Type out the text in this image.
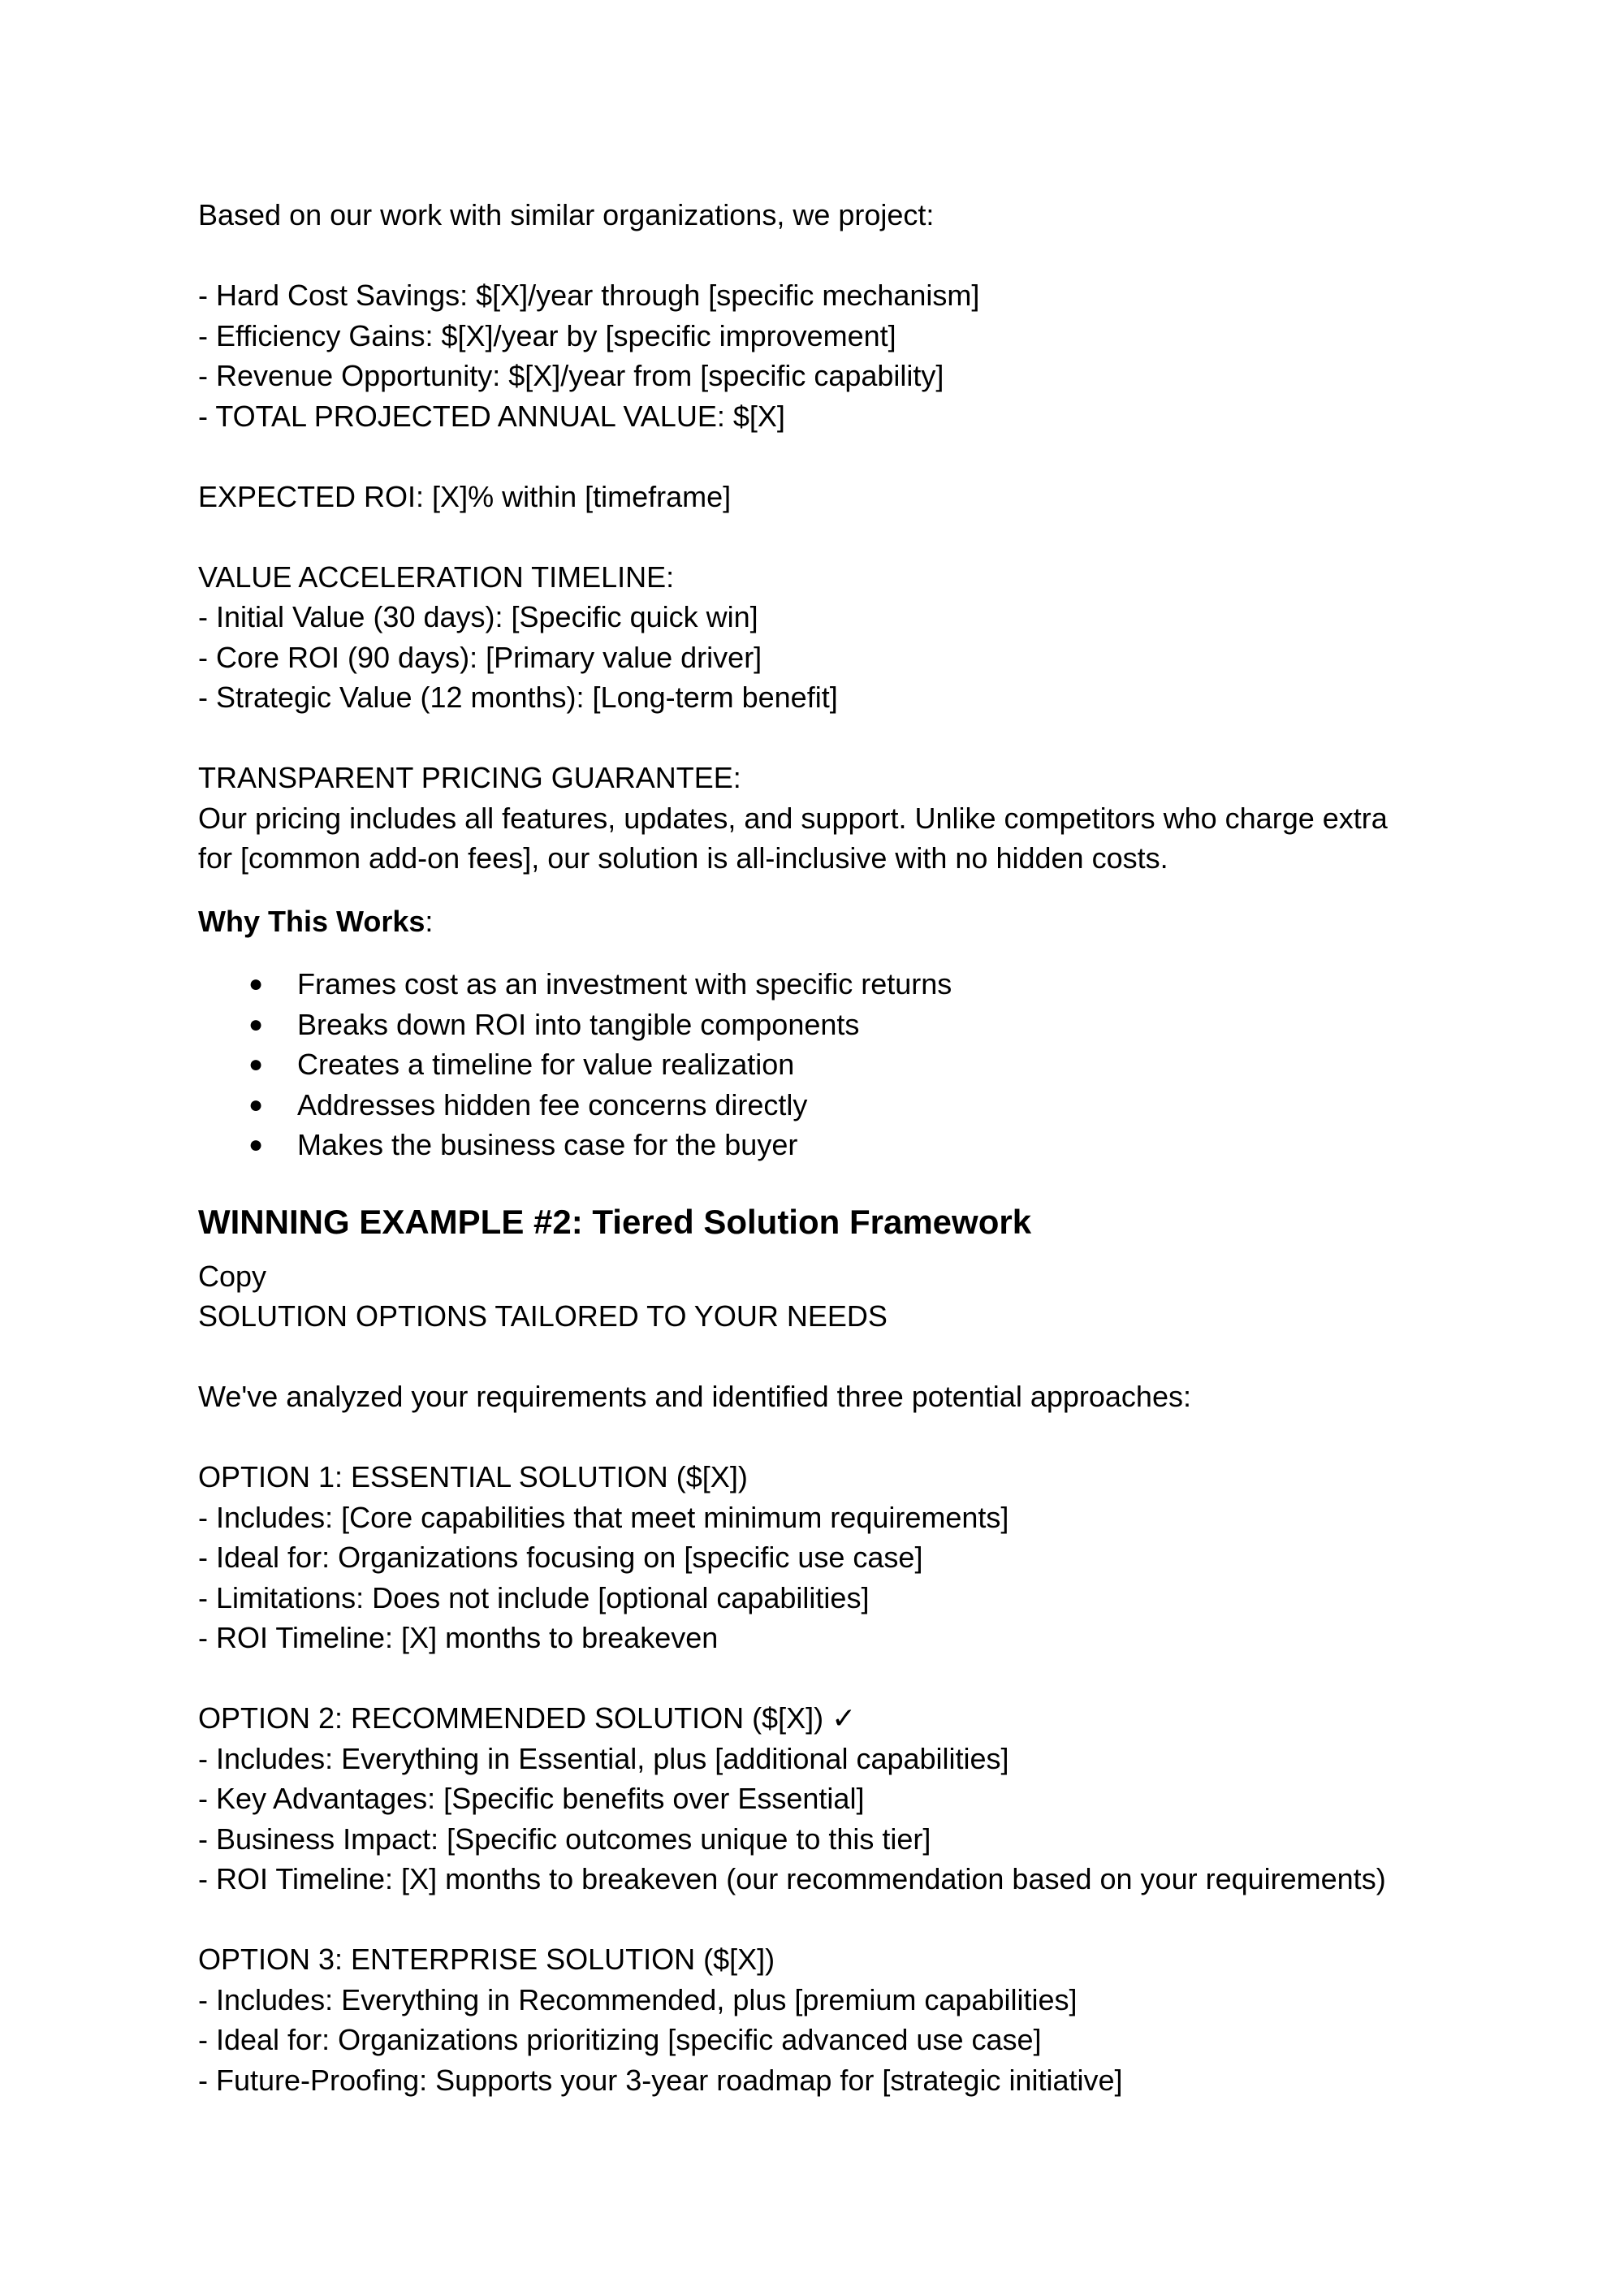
Based on our work with similar organizations, we project:
- Hard Cost Savings: $[X]/year through [specific mechanism]
- Efficiency Gains: $[X]/year by [specific improvement]
- Revenue Opportunity: $[X]/year from [specific capability]
- TOTAL PROJECTED ANNUAL VALUE: $[X]
EXPECTED ROI: [X]% within [timeframe]
VALUE ACCELERATION TIMELINE:
- Initial Value (30 days): [Specific quick win]
- Core ROI (90 days): [Primary value driver]
- Strategic Value (12 months): [Long-term benefit]
TRANSPARENT PRICING GUARANTEE:
Our pricing includes all features, updates, and support. Unlike competitors who charge extra
for [common add-on fees], our solution is all-inclusive with no hidden costs.
Why This Works:
● Frames cost as an investment with specific returns
● Breaks down ROI into tangible components
● Creates a timeline for value realization
● Addresses hidden fee concerns directly
● Makes the business case for the buyer
WINNING EXAMPLE #2: Tiered Solution Framework
Copy
SOLUTION OPTIONS TAILORED TO YOUR NEEDS
We've analyzed your requirements and identified three potential approaches:
OPTION 1: ESSENTIAL SOLUTION ($[X])
- Includes: [Core capabilities that meet minimum requirements]
- Ideal for: Organizations focusing on [specific use case]
- Limitations: Does not include [optional capabilities]
- ROI Timeline: [X] months to breakeven
OPTION 2: RECOMMENDED SOLUTION ($[X]) ✓
- Includes: Everything in Essential, plus [additional capabilities]
- Key Advantages: [Specific benefits over Essential]
- Business Impact: [Specific outcomes unique to this tier]
- ROI Timeline: [X] months to breakeven (our recommendation based on your requirements)
OPTION 3: ENTERPRISE SOLUTION ($[X])
- Includes: Everything in Recommended, plus [premium capabilities]
- Ideal for: Organizations prioritizing [specific advanced use case]
- Future-Proofing: Supports your 3-year roadmap for [strategic initiative]
